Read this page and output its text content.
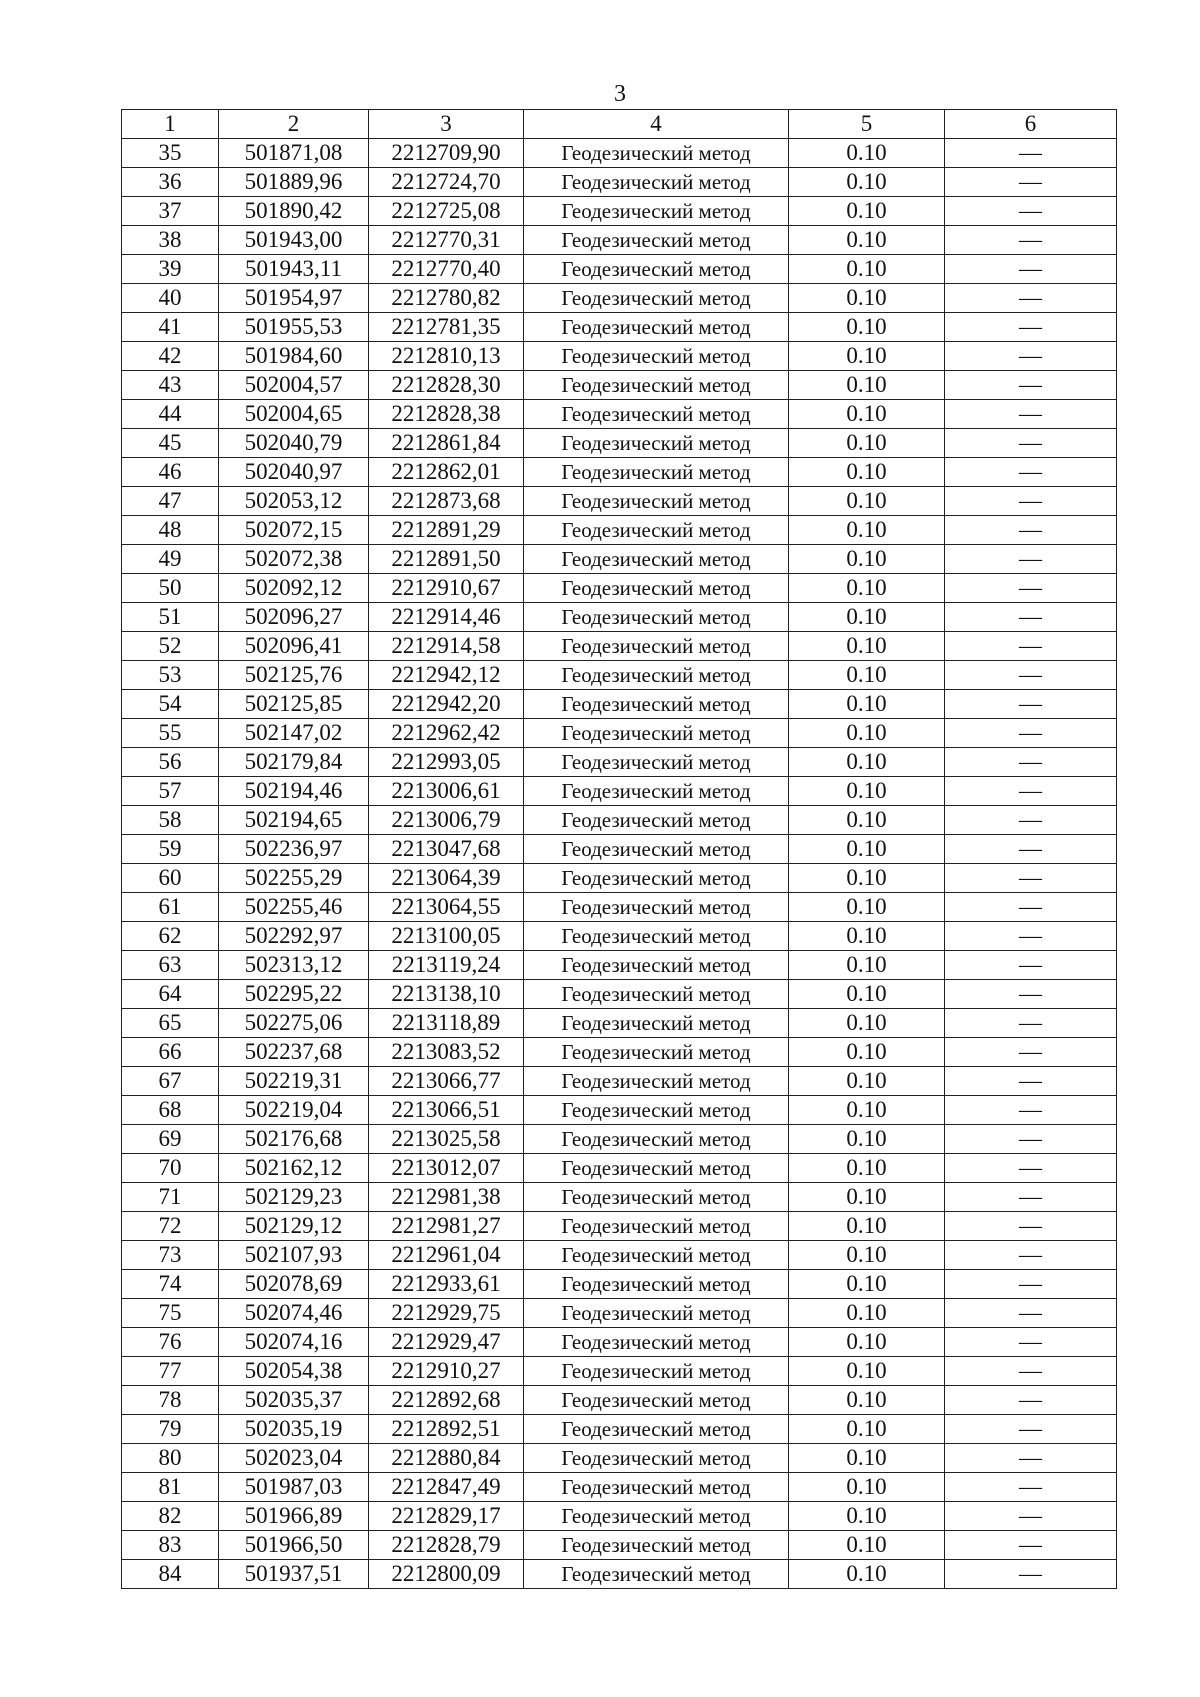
3
1	2	3	4	5	6
35	501871,08	2212709,90	Геодезический метод	0.10	—
36	501889,96	2212724,70	Геодезический метод	0.10	—
37	501890,42	2212725,08	Геодезический метод	0.10	—
38	501943,00	2212770,31	Геодезический метод	0.10	—
39	501943,11	2212770,40	Геодезический метод	0.10	—
40	501954,97	2212780,82	Геодезический метод	0.10	—
41	501955,53	2212781,35	Геодезический метод	0.10	—
42	501984,60	2212810,13	Геодезический метод	0.10	—
43	502004,57	2212828,30	Геодезический метод	0.10	—
44	502004,65	2212828,38	Геодезический метод	0.10	—
45	502040,79	2212861,84	Геодезический метод	0.10	—
46	502040,97	2212862,01	Геодезический метод	0.10	—
47	502053,12	2212873,68	Геодезический метод	0.10	—
48	502072,15	2212891,29	Геодезический метод	0.10	—
49	502072,38	2212891,50	Геодезический метод	0.10	—
50	502092,12	2212910,67	Геодезический метод	0.10	—
51	502096,27	2212914,46	Геодезический метод	0.10	—
52	502096,41	2212914,58	Геодезический метод	0.10	—
53	502125,76	2212942,12	Геодезический метод	0.10	—
54	502125,85	2212942,20	Геодезический метод	0.10	—
55	502147,02	2212962,42	Геодезический метод	0.10	—
56	502179,84	2212993,05	Геодезический метод	0.10	—
57	502194,46	2213006,61	Геодезический метод	0.10	—
58	502194,65	2213006,79	Геодезический метод	0.10	—
59	502236,97	2213047,68	Геодезический метод	0.10	—
60	502255,29	2213064,39	Геодезический метод	0.10	—
61	502255,46	2213064,55	Геодезический метод	0.10	—
62	502292,97	2213100,05	Геодезический метод	0.10	—
63	502313,12	2213119,24	Геодезический метод	0.10	—
64	502295,22	2213138,10	Геодезический метод	0.10	—
65	502275,06	2213118,89	Геодезический метод	0.10	—
66	502237,68	2213083,52	Геодезический метод	0.10	—
67	502219,31	2213066,77	Геодезический метод	0.10	—
68	502219,04	2213066,51	Геодезический метод	0.10	—
69	502176,68	2213025,58	Геодезический метод	0.10	—
70	502162,12	2213012,07	Геодезический метод	0.10	—
71	502129,23	2212981,38	Геодезический метод	0.10	—
72	502129,12	2212981,27	Геодезический метод	0.10	—
73	502107,93	2212961,04	Геодезический метод	0.10	—
74	502078,69	2212933,61	Геодезический метод	0.10	—
75	502074,46	2212929,75	Геодезический метод	0.10	—
76	502074,16	2212929,47	Геодезический метод	0.10	—
77	502054,38	2212910,27	Геодезический метод	0.10	—
78	502035,37	2212892,68	Геодезический метод	0.10	—
79	502035,19	2212892,51	Геодезический метод	0.10	—
80	502023,04	2212880,84	Геодезический метод	0.10	—
81	501987,03	2212847,49	Геодезический метод	0.10	—
82	501966,89	2212829,17	Геодезический метод	0.10	—
83	501966,50	2212828,79	Геодезический метод	0.10	—
84	501937,51	2212800,09	Геодезический метод	0.10	—
